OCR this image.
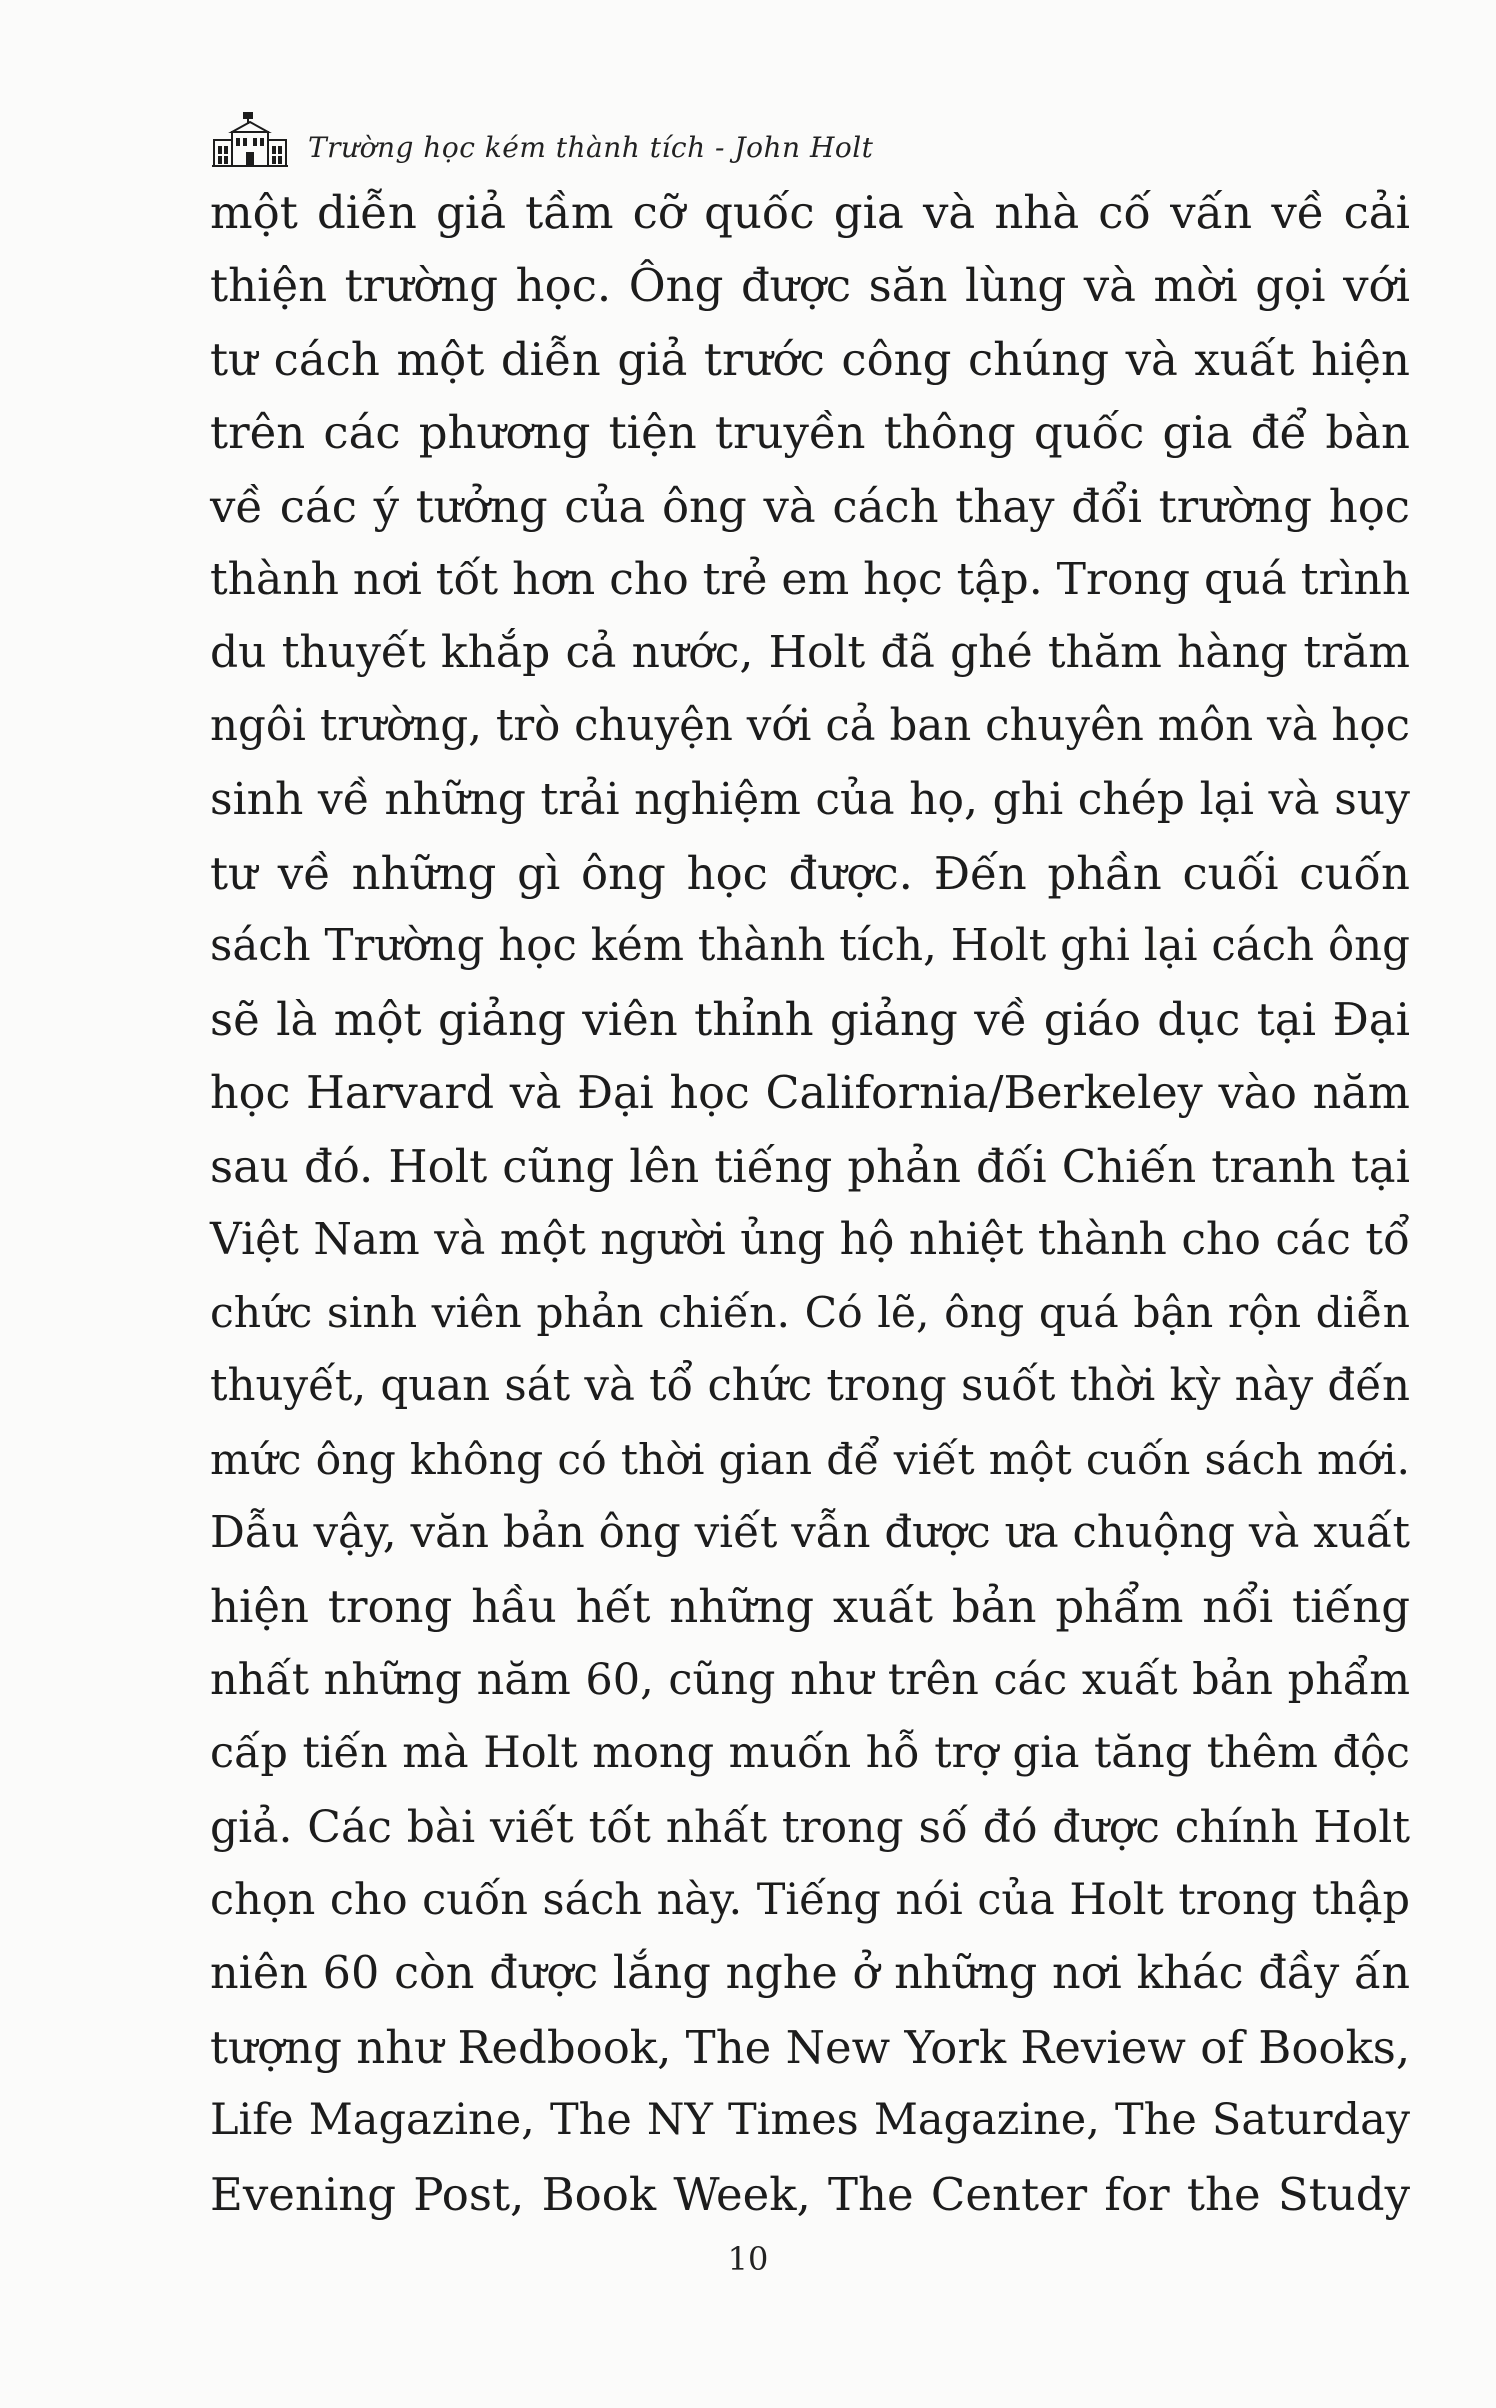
Trường học kém thành tích - John Holt
một diễn giả tầm cỡ quốc gia và nhà cố vấn về cải
thiện trường học. Ông được săn lùng và mời gọi với
tư cách một diễn giả trước công chúng và xuất hiện
trên các phương tiện truyền thông quốc gia để bàn
về các ý tưởng của ông và cách thay đổi trường học
thành nơi tốt hơn cho trẻ em học tập. Trong quá trình
du thuyết khắp cả nước, Holt đã ghé thăm hàng trăm
ngôi trường, trò chuyện với cả ban chuyên môn và học
sinh về những trải nghiệm của họ, ghi chép lại và suy
tư về những gì ông học được. Đến phần cuối cuốn
sách Trường học kém thành tích, Holt ghi lại cách ông
sẽ là một giảng viên thỉnh giảng về giáo dục tại Đại
học Harvard và Đại học California/Berkeley vào năm
sau đó. Holt cũng lên tiếng phản đối Chiến tranh tại
Việt Nam và một người ủng hộ nhiệt thành cho các tổ
chức sinh viên phản chiến. Có lẽ, ông quá bận rộn diễn
thuyết, quan sát và tổ chức trong suốt thời kỳ này đến
mức ông không có thời gian để viết một cuốn sách mới.
Dẫu vậy, văn bản ông viết vẫn được ưa chuộng và xuất
hiện trong hầu hết những xuất bản phẩm nổi tiếng
nhất những năm 60, cũng như trên các xuất bản phẩm
cấp tiến mà Holt mong muốn hỗ trợ gia tăng thêm độc
giả. Các bài viết tốt nhất trong số đó được chính Holt
chọn cho cuốn sách này. Tiếng nói của Holt trong thập
niên 60 còn được lắng nghe ở những nơi khác đầy ấn
tượng như Redbook, The New York Review of Books,
Life Magazine, The NY Times Magazine, The Saturday
Evening Post, Book Week, The Center for the Study
10
